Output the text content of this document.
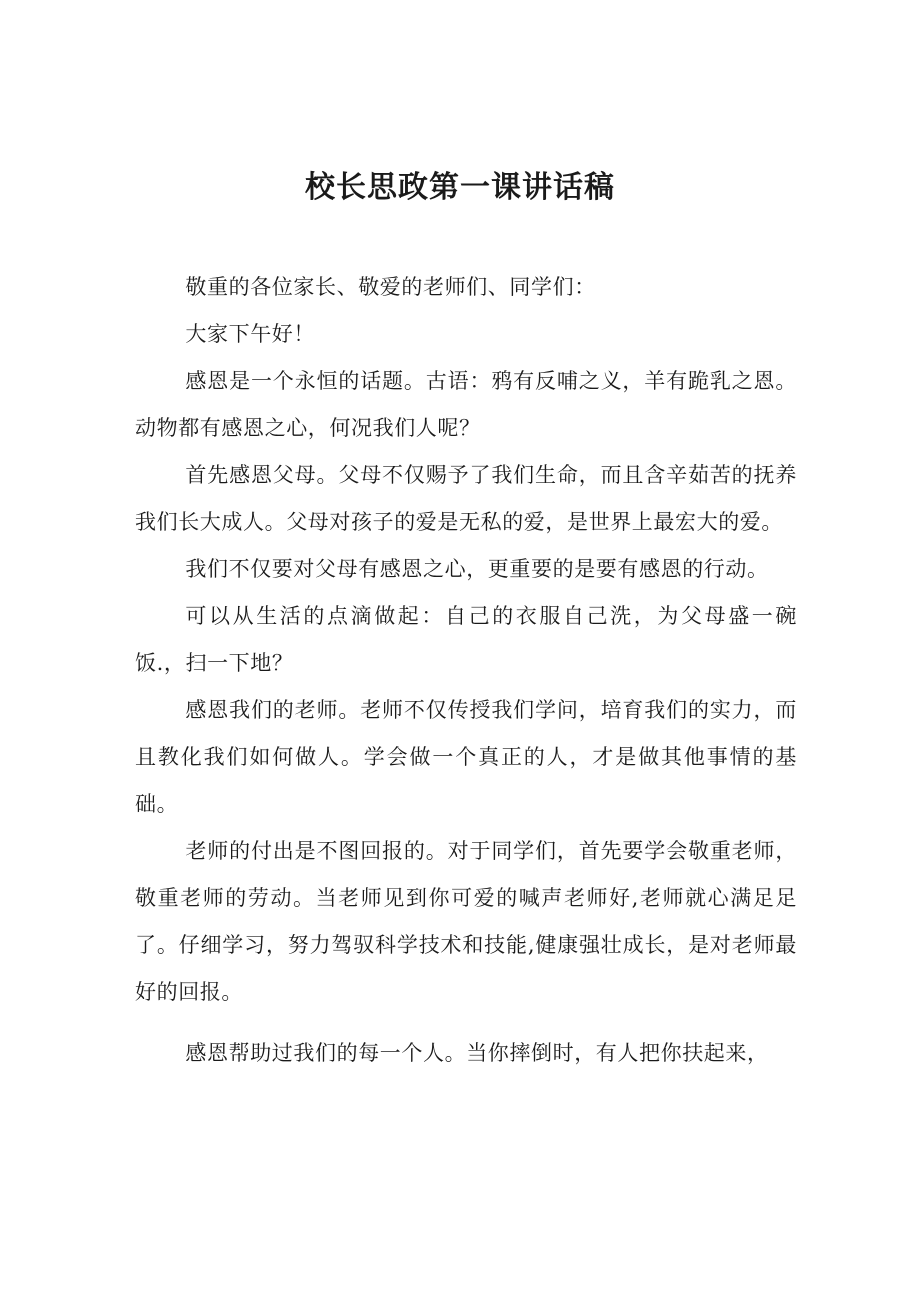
校长思政第一课讲话稿

敬重的各位家长、敬爱的老师们、同学们：

大家下午好！

感恩是一个永恒的话题。古语：鸦有反哺之义，羊有跪乳之恩。动物都有感恩之心，何况我们人呢？

首先感恩父母。父母不仅赐予了我们生命，而且含辛茹苦的抚养我们长大成人。父母对孩子的爱是无私的爱，是世界上最宏大的爱。

我们不仅要对父母有感恩之心，更重要的是要有感恩的行动。

可以从生活的点滴做起：自己的衣服自己洗，为父母盛一碗饭.，扫一下地？

感恩我们的老师。老师不仅传授我们学问，培育我们的实力，而且教化我们如何做人。学会做一个真正的人，才是做其他事情的基础。

老师的付出是不图回报的。对于同学们，首先要学会敬重老师，敬重老师的劳动。当老师见到你可爱的喊声老师好,老师就心满足足了。仔细学习，努力驾驭科学技术和技能,健康强壮成长，是对老师最好的回报。

感恩帮助过我们的每一个人。当你摔倒时，有人把你扶起来，
